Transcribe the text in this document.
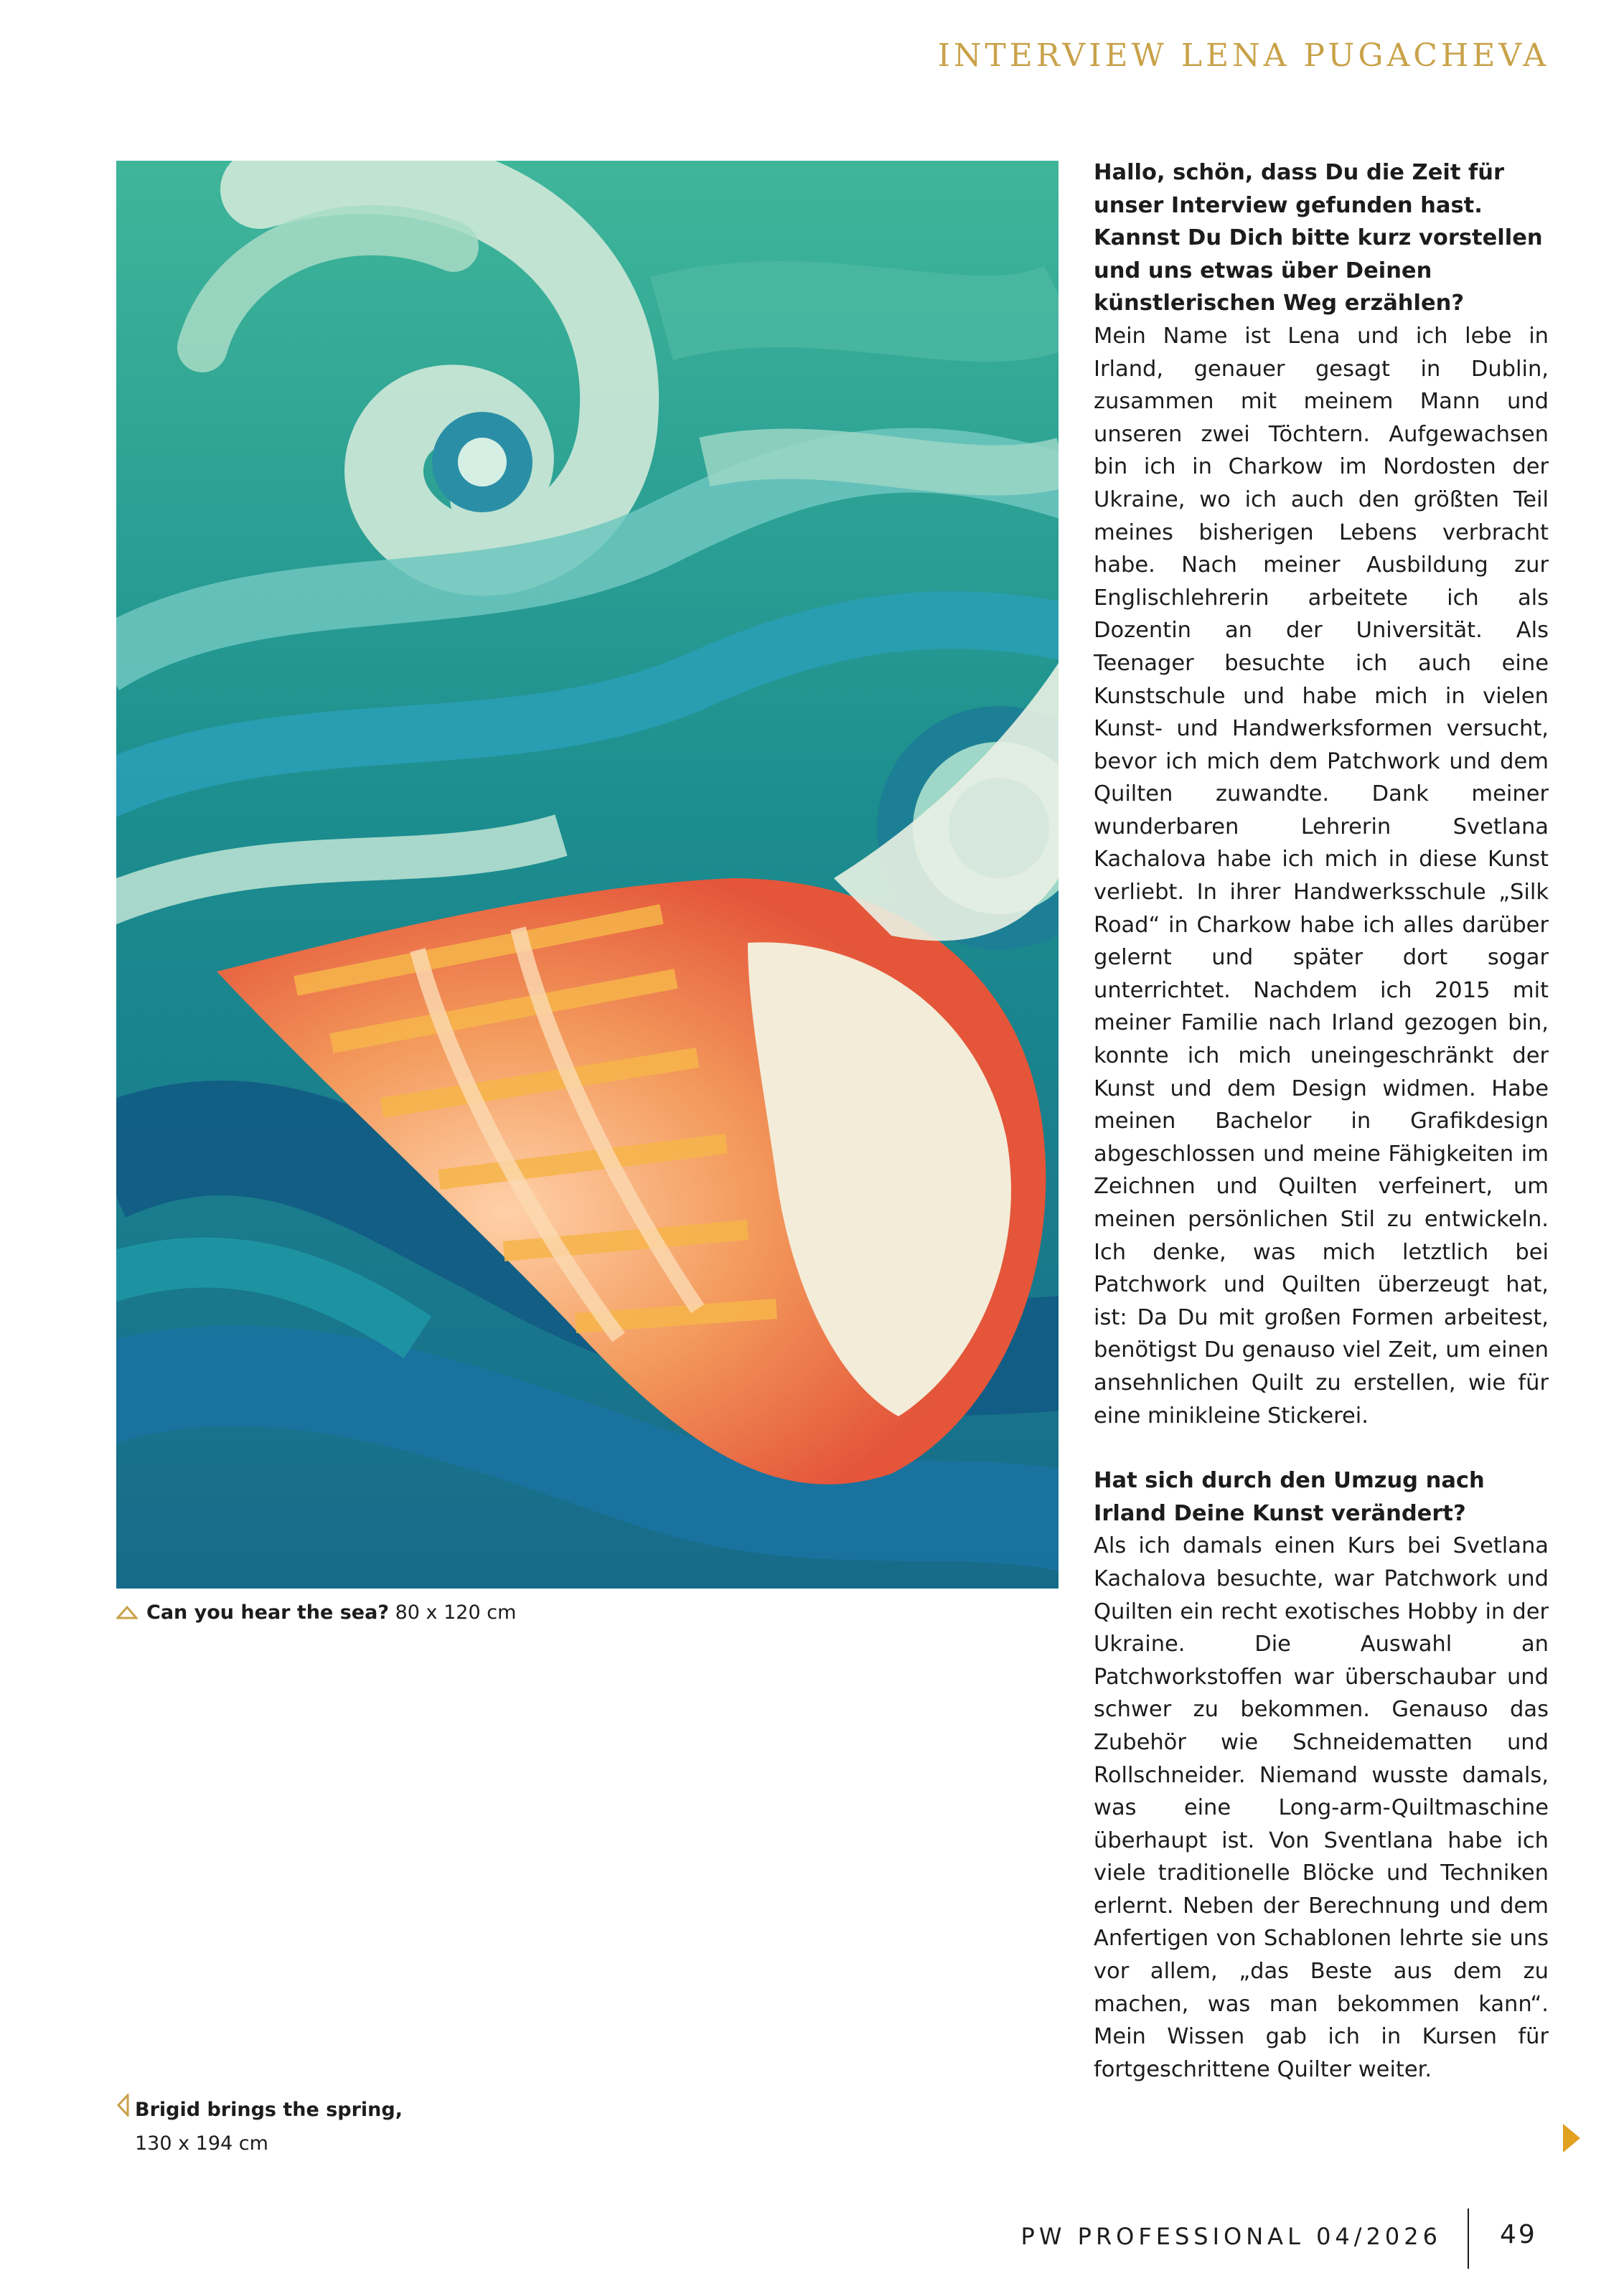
INTERVIEW LENA PUGACHEVA
Can you hear the sea? 80 x 120 cm
Brigid brings the spring,
130 x 194 cm

Hallo, schön, dass Du die Zeit für unser Interview gefunden hast. Kannst Du Dich bitte kurz vorstellen und uns etwas über Deinen künstlerischen Weg erzählen?

Mein Name ist Lena und ich lebe in Irland, genauer gesagt in Dublin, zusammen mit meinem Mann und unseren zwei Töchtern. Aufgewachsen bin ich in Charkow im Nordosten der Ukraine, wo ich auch den größten Teil meines bisherigen Lebens verbracht habe. Nach meiner Ausbildung zur Englischlehrerin arbeitete ich als Dozentin an der Universität. Als Teenager besuchte ich auch eine Kunstschule und habe mich in vielen Kunst- und Handwerksformen versucht, bevor ich mich dem Patchwork und dem Quilten zuwandte. Dank meiner wunderbaren Lehrerin Svetlana Kachalova habe ich mich in diese Kunst verliebt. In ihrer Handwerksschule „Silk Road“ in Charkow habe ich alles darüber gelernt und später dort sogar unterrichtet. Nachdem ich 2015 mit meiner Familie nach Irland gezogen bin, konnte ich mich uneingeschränkt der Kunst und dem Design widmen. Habe meinen Bachelor in Grafikdesign abgeschlossen und meine Fähigkeiten im Zeichnen und Quilten verfeinert, um meinen persönlichen Stil zu entwickeln. Ich denke, was mich letztlich bei Patchwork und Quilten überzeugt hat, ist: Da Du mit großen Formen arbeitest, benötigst Du genauso viel Zeit, um einen ansehnlichen Quilt zu erstellen, wie für eine minikleine Stickerei.

Hat sich durch den Umzug nach Irland Deine Kunst verändert?

Als ich damals einen Kurs bei Svetlana Kachalova besuchte, war Patchwork und Quilten ein recht exotisches Hobby in der Ukraine. Die Auswahl an Patchworkstoffen war überschaubar und schwer zu bekommen. Genauso das Zubehör wie Schneidematten und Rollschneider. Niemand wusste damals, was eine Long-arm-Quiltmaschine überhaupt ist. Von Sventlana habe ich viele traditionelle Blöcke und Techniken erlernt. Neben der Berechnung und dem Anfertigen von Schablonen lehrte sie uns vor allem, „das Beste aus dem zu machen, was man bekommen kann“. Mein Wissen gab ich in Kursen für fortgeschrittene Quilter weiter.

PW PROFESSIONAL 04/2026 49
